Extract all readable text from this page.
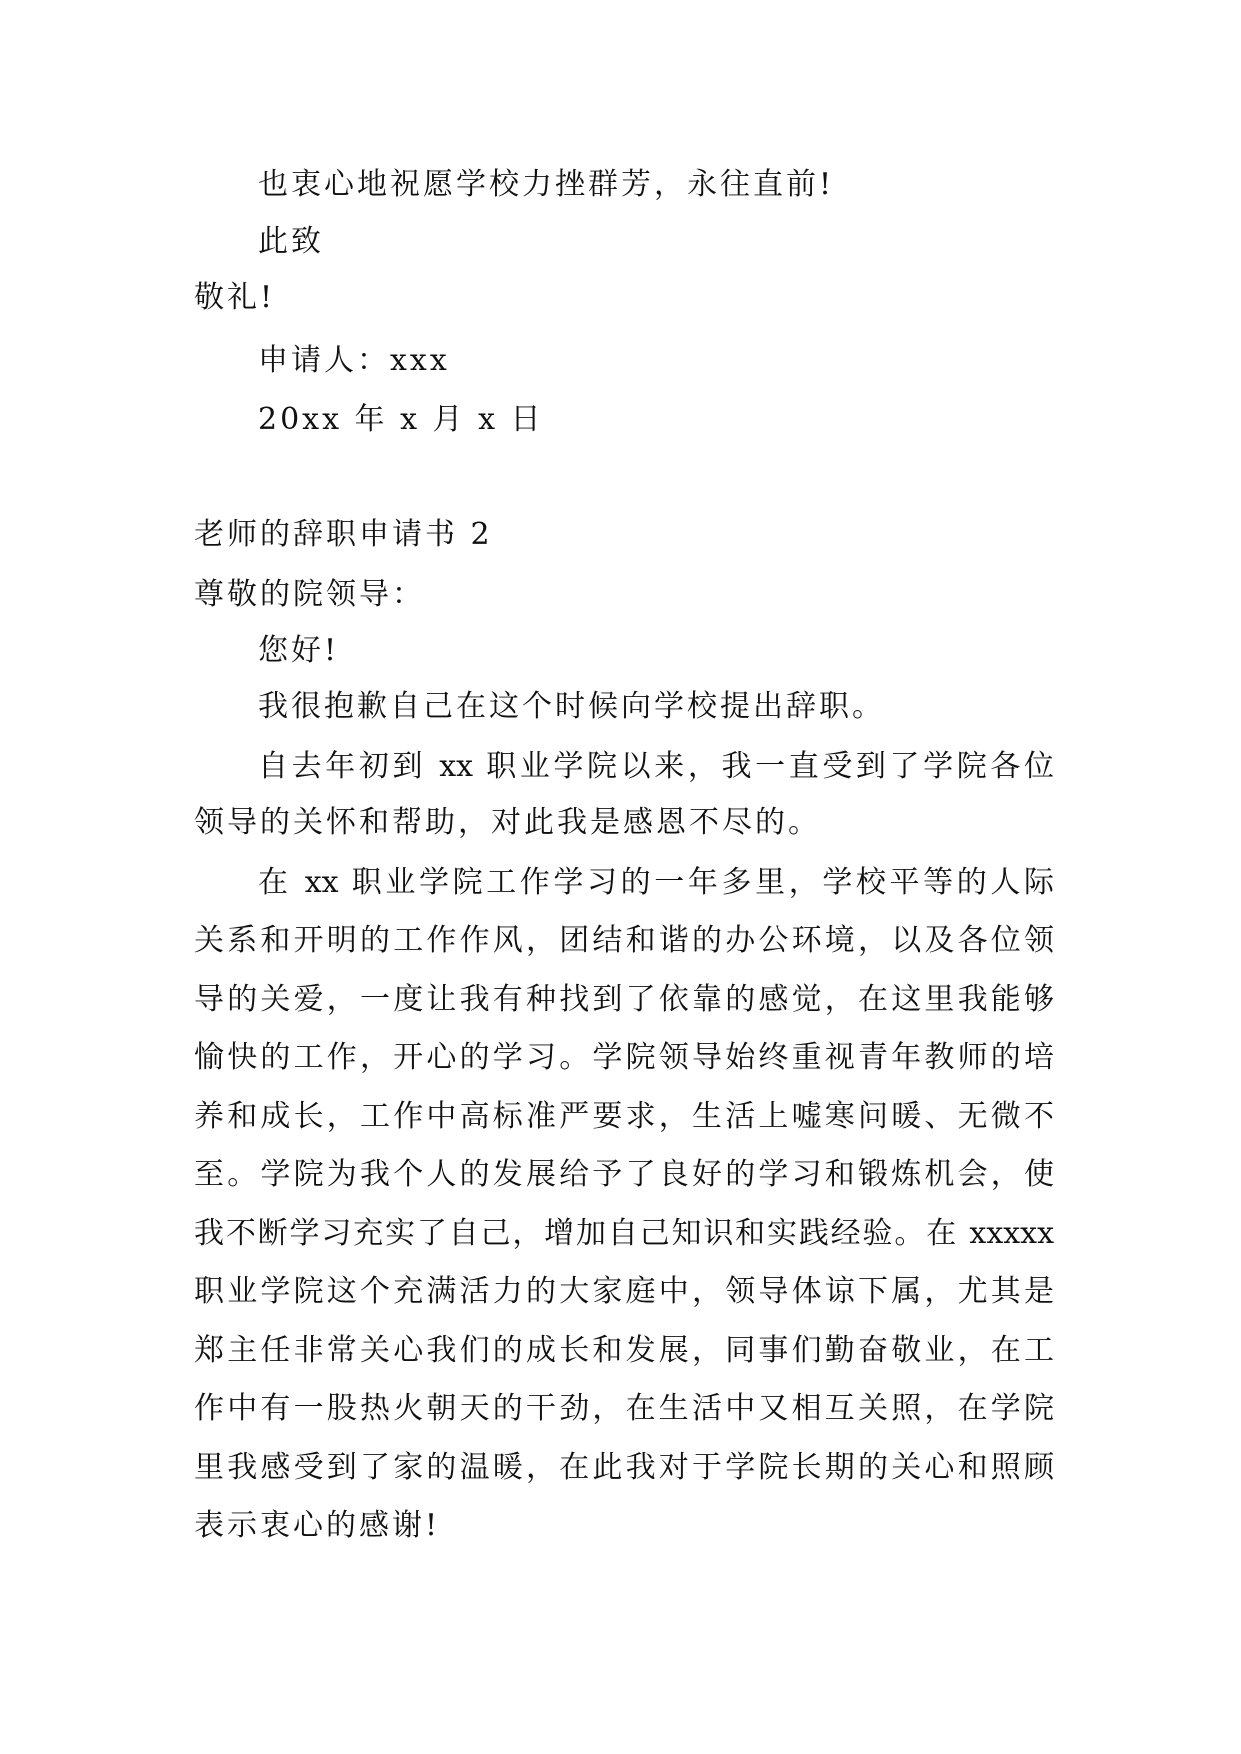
也衷心地祝愿学校力挫群芳，永往直前!
此致
敬礼!
申请人：xxx
20xx 年 x 月 x 日
老师的辞职申请书 2
尊敬的院领导：
您好!
我很抱歉自己在这个时候向学校提出辞职。
自去年初到 xx 职业学院以来，我一直受到了学院各位
领导的关怀和帮助，对此我是感恩不尽的。
在 xx 职业学院工作学习的一年多里，学校平等的人际
关系和开明的工作作风，团结和谐的办公环境，以及各位领
导的关爱，一度让我有种找到了依靠的感觉，在这里我能够
愉快的工作，开心的学习。学院领导始终重视青年教师的培
养和成长，工作中高标准严要求，生活上嘘寒问暖、无微不
至。学院为我个人的发展给予了良好的学习和锻炼机会，使
我不断学习充实了自己，增加自己知识和实践经验。在 xxxxx
职业学院这个充满活力的大家庭中，领导体谅下属，尤其是
郑主任非常关心我们的成长和发展，同事们勤奋敬业，在工
作中有一股热火朝天的干劲，在生活中又相互关照，在学院
里我感受到了家的温暖，在此我对于学院长期的关心和照顾
表示衷心的感谢!
